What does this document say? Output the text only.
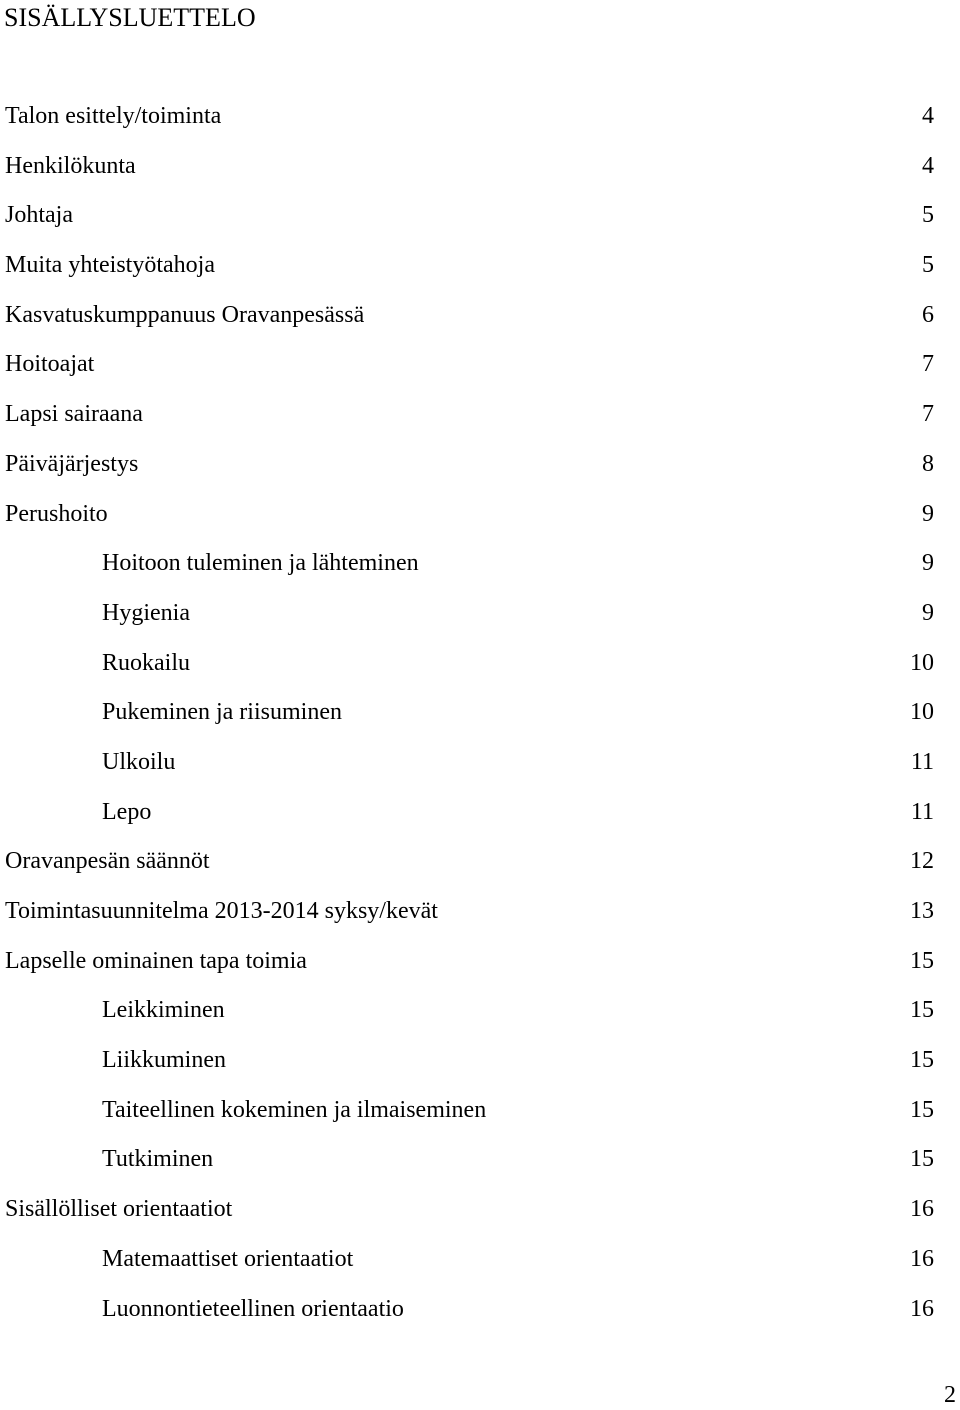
SISÄLLYSLUETTELO
Talon esittely/toiminta	4
Henkilökunta	4
Johtaja	5
Muita yhteistyötahoja	5
Kasvatuskumppanuus Oravanpesässä	6
Hoitoajat	7
Lapsi sairaana	7
Päiväjärjestys	8
Perushoito	9
Hoitoon tuleminen ja lähteminen	9
Hygienia	9
Ruokailu	10
Pukeminen ja riisuminen	10
Ulkoilu	11
Lepo	11
Oravanpesän säännöt	12
Toimintasuunnitelma 2013-2014 syksy/kevät	13
Lapselle ominainen tapa toimia	15
Leikkiminen	15
Liikkuminen	15
Taiteellinen kokeminen ja ilmaiseminen	15
Tutkiminen	15
Sisällölliset orientaatiot	16
Matemaattiset orientaatiot	16
Luonnontieteellinen orientaatio	16
2
